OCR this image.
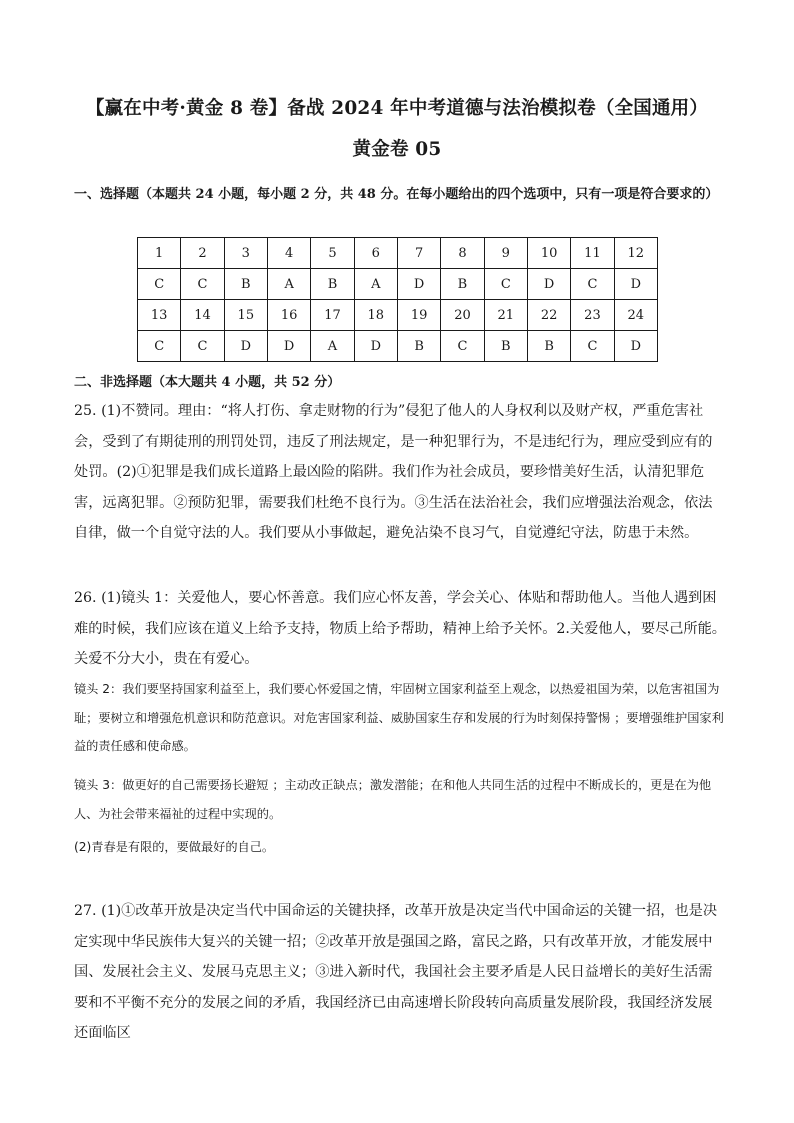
【赢在中考·黄金 8 卷】备战 2024 年中考道德与法治模拟卷（全国通用）
黄金卷 05
一、选择题（本题共 24 小题，每小题 2 分，共 48 分。在每小题给出的四个选项中，只有一项是符合要求的）
1	2	3	4	5	6	7	8	9	10	11	12
C	C	B	A	B	A	D	B	C	D	C	D
13	14	15	16	17	18	19	20	21	22	23	24
C	C	D	D	A	D	B	C	B	B	C	D
二、非选择题（本大题共 4 小题，共 52 分）
25. (1)不赞同。理由：“将人打伤、拿走财物的行为”侵犯了他人的人身权利以及财产权，严重危害社会，受到了有期徒刑的刑罚处罚，违反了刑法规定，是一种犯罪行为，不是违纪行为，理应受到应有的处罚。(2)①犯罪是我们成长道路上最凶险的陷阱。我们作为社会成员，要珍惜美好生活，认清犯罪危害，远离犯罪。②预防犯罪，需要我们杜绝不良行为。③生活在法治社会，我们应增强法治观念，依法自律，做一个自觉守法的人。我们要从小事做起，避免沾染不良习气，自觉遵纪守法，防患于未然。
26. (1)镜头 1：关爱他人，要心怀善意。我们应心怀友善，学会关心、体贴和帮助他人。当他人遇到困难的时候，我们应该在道义上给予支持，物质上给予帮助，精神上给予关怀。2.关爱他人，要尽己所能。关爱不分大小，贵在有爱心。
镜头 2：我们要坚持国家利益至上，我们要心怀爱国之情，牢固树立国家利益至上观念，以热爱祖国为荣，以危害祖国为耻；要树立和增强危机意识和防范意识。对危害国家利益、威胁国家生存和发展的行为时刻保持警惕 ；要增强维护国家利益的责任感和使命感。
镜头 3：做更好的自己需要扬长避短 ；主动改正缺点；激发潜能；在和他人共同生活的过程中不断成长的，更是在为他人、为社会带来福祉的过程中实现的。
(2)青春是有限的，要做最好的自己。
27. (1)①改革开放是决定当代中国命运的关键抉择，改革开放是决定当代中国命运的关键一招，也是决定实现中华民族伟大复兴的关键一招；②改革开放是强国之路，富民之路，只有改革开放，才能发展中国、发展社会主义、发展马克思主义；③进入新时代，我国社会主要矛盾是人民日益增长的美好生活需要和不平衡不充分的发展之间的矛盾，我国经济已由高速增长阶段转向高质量发展阶段，我国经济发展还面临区
